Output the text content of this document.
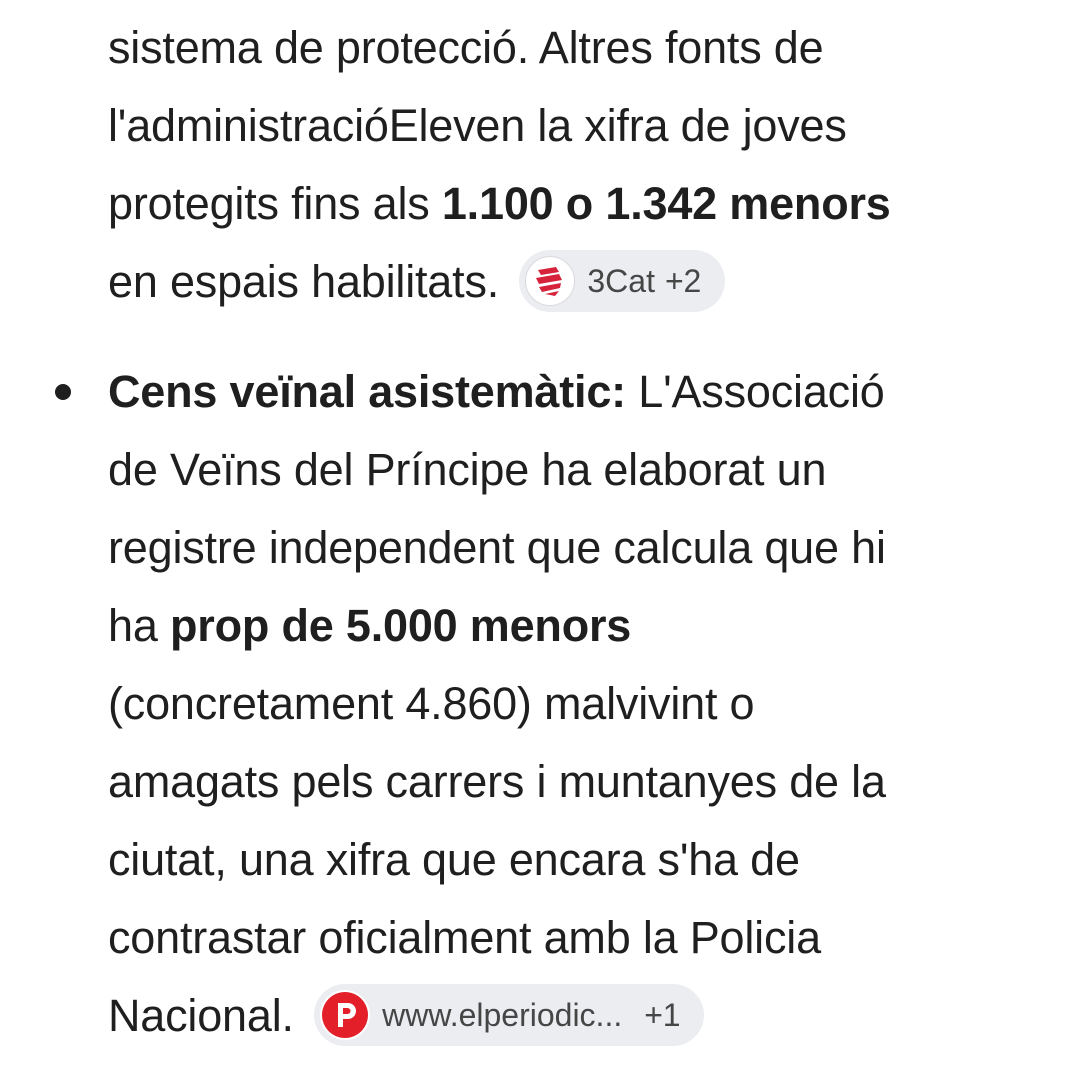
sistema de protecció. Altres fonts de
l'administracióEleven la xifra de joves
protegits fins als 1.100 o 1.342 menors
en espais habilitats.	3Cat +2
Cens veïnal asistemàtic: L'Associació
de Veïns del Príncipe ha elaborat un
registre independent que calcula que hi
ha prop de 5.000 menors
(concretament 4.860) malvivint o
amagats pels carrers i muntanyes de la
ciutat, una xifra que encara s'ha de
contrastar oficialment amb la Policia
Nacional.	www.elperiodic... +1
